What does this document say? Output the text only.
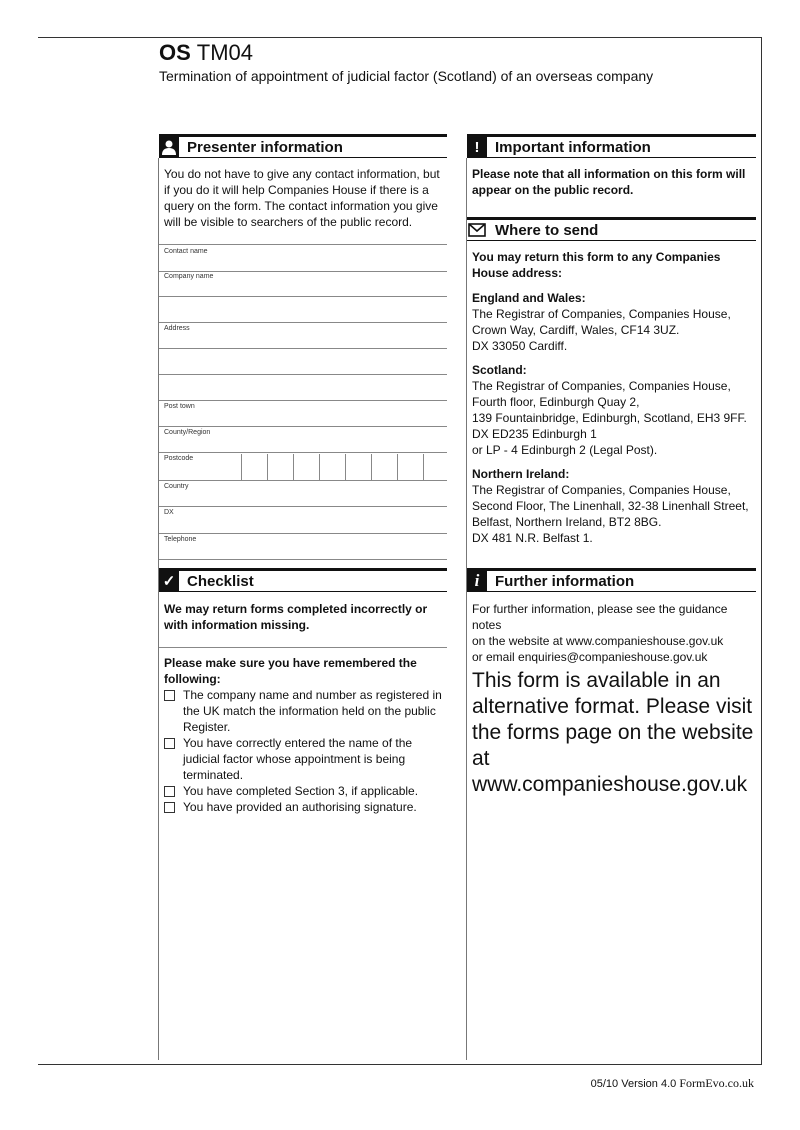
OS TM04
Termination of appointment of judicial factor (Scotland) of an overseas company
Presenter information
You do not have to give any contact information, but if you do it will help Companies House if there is a query on the form. The contact information you give will be visible to searchers of the public record.
Contact name
Company name
Address
Post town
County/Region
Postcode
Country
DX
Telephone
!	Important information
Please note that all information on this form will appear on the public record.
Where to send
You may return this form to any Companies House address:
England and Wales:
The Registrar of Companies, Companies House,
Crown Way, Cardiff, Wales, CF14 3UZ.
DX 33050 Cardiff.
Scotland:
The Registrar of Companies, Companies House,
Fourth floor, Edinburgh Quay 2,
139 Fountainbridge, Edinburgh, Scotland, EH3 9FF.
DX ED235 Edinburgh 1
or LP - 4 Edinburgh 2 (Legal Post).
Northern Ireland:
The Registrar of Companies, Companies House,
Second Floor, The Linenhall, 32-38 Linenhall Street,
Belfast, Northern Ireland, BT2 8BG.
DX 481 N.R. Belfast 1.
✓ Checklist
We may return forms completed incorrectly or with information missing.
Please make sure you have remembered the following:
The company name and number as registered in the UK match the information held on the public Register.
You have correctly entered the name of the judicial factor whose appointment is being terminated.
You have completed Section 3, if applicable.
You have provided an authorising signature.
i	Further information
For further information, please see the guidance notes
on the website at www.companieshouse.gov.uk
or email enquiries@companieshouse.gov.uk
This form is available in an alternative format. Please visit the forms page on the website at www.companieshouse.gov.uk
05/10 Version 4.0 FormEvo.co.uk
